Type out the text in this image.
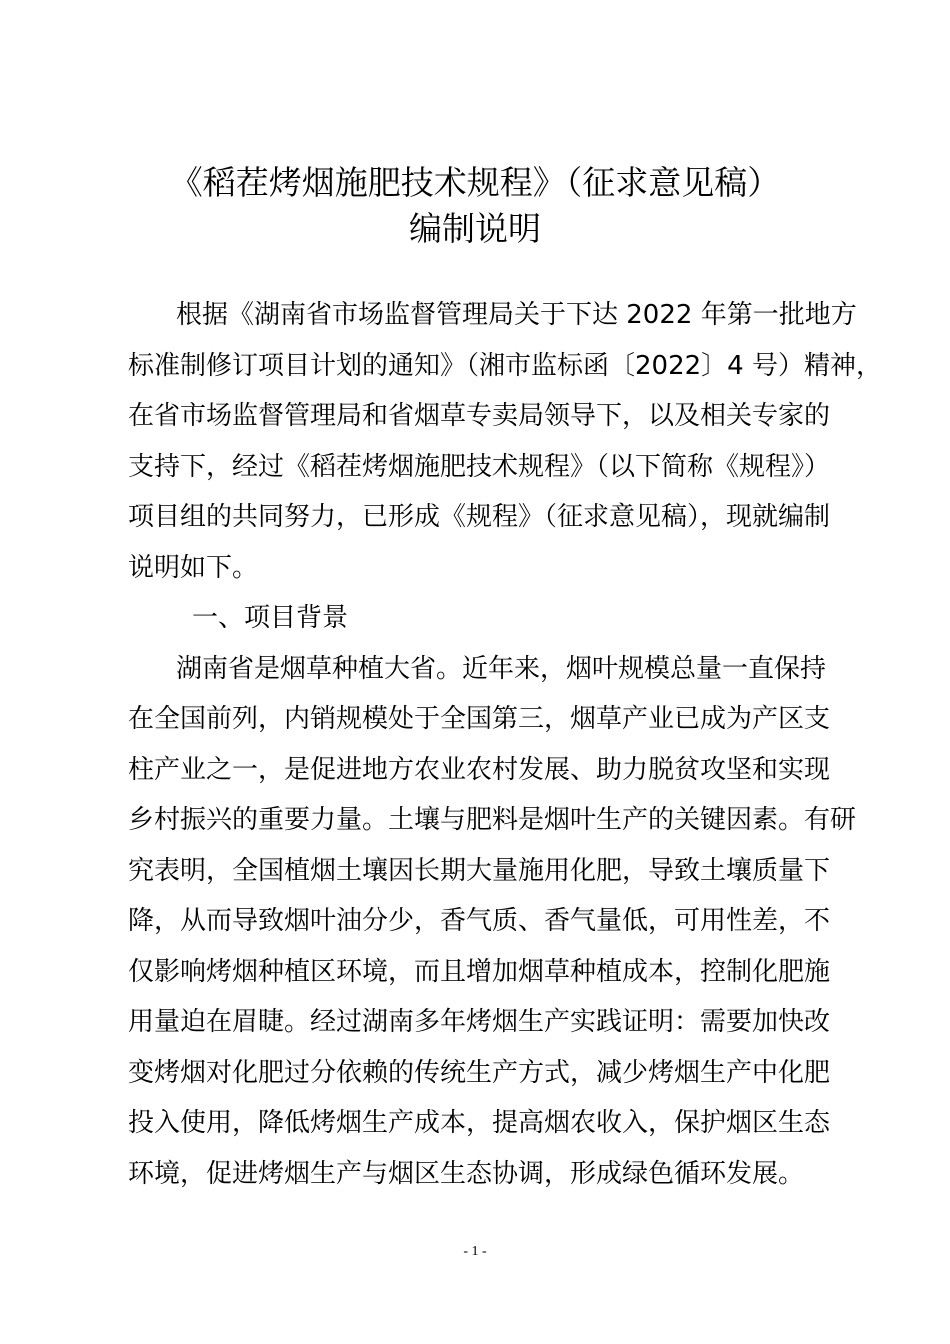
《稻茬烤烟施肥技术规程》（征求意见稿）
编制说明
根据《湖南省市场监督管理局关于下达 2022 年第一批地方
标准制修订项目计划的通知》（湘市监标函〔2022〕4 号）精神，
在省市场监督管理局和省烟草专卖局领导下，以及相关专家的
支持下，经过《稻茬烤烟施肥技术规程》（以下简称《规程》）
项目组的共同努力，已形成《规程》（征求意见稿），现就编制
说明如下。
一、项目背景
湖南省是烟草种植大省。近年来，烟叶规模总量一直保持
在全国前列，内销规模处于全国第三，烟草产业已成为产区支
柱产业之一，是促进地方农业农村发展、助力脱贫攻坚和实现
乡村振兴的重要力量。土壤与肥料是烟叶生产的关键因素。有研
究表明，全国植烟土壤因长期大量施用化肥，导致土壤质量下
降，从而导致烟叶油分少，香气质、香气量低，可用性差，不
仅影响烤烟种植区环境，而且增加烟草种植成本，控制化肥施
用量迫在眉睫。经过湖南多年烤烟生产实践证明：需要加快改
变烤烟对化肥过分依赖的传统生产方式，减少烤烟生产中化肥
投入使用，降低烤烟生产成本，提高烟农收入，保护烟区生态
环境，促进烤烟生产与烟区生态协调，形成绿色循环发展。
- 1 -
